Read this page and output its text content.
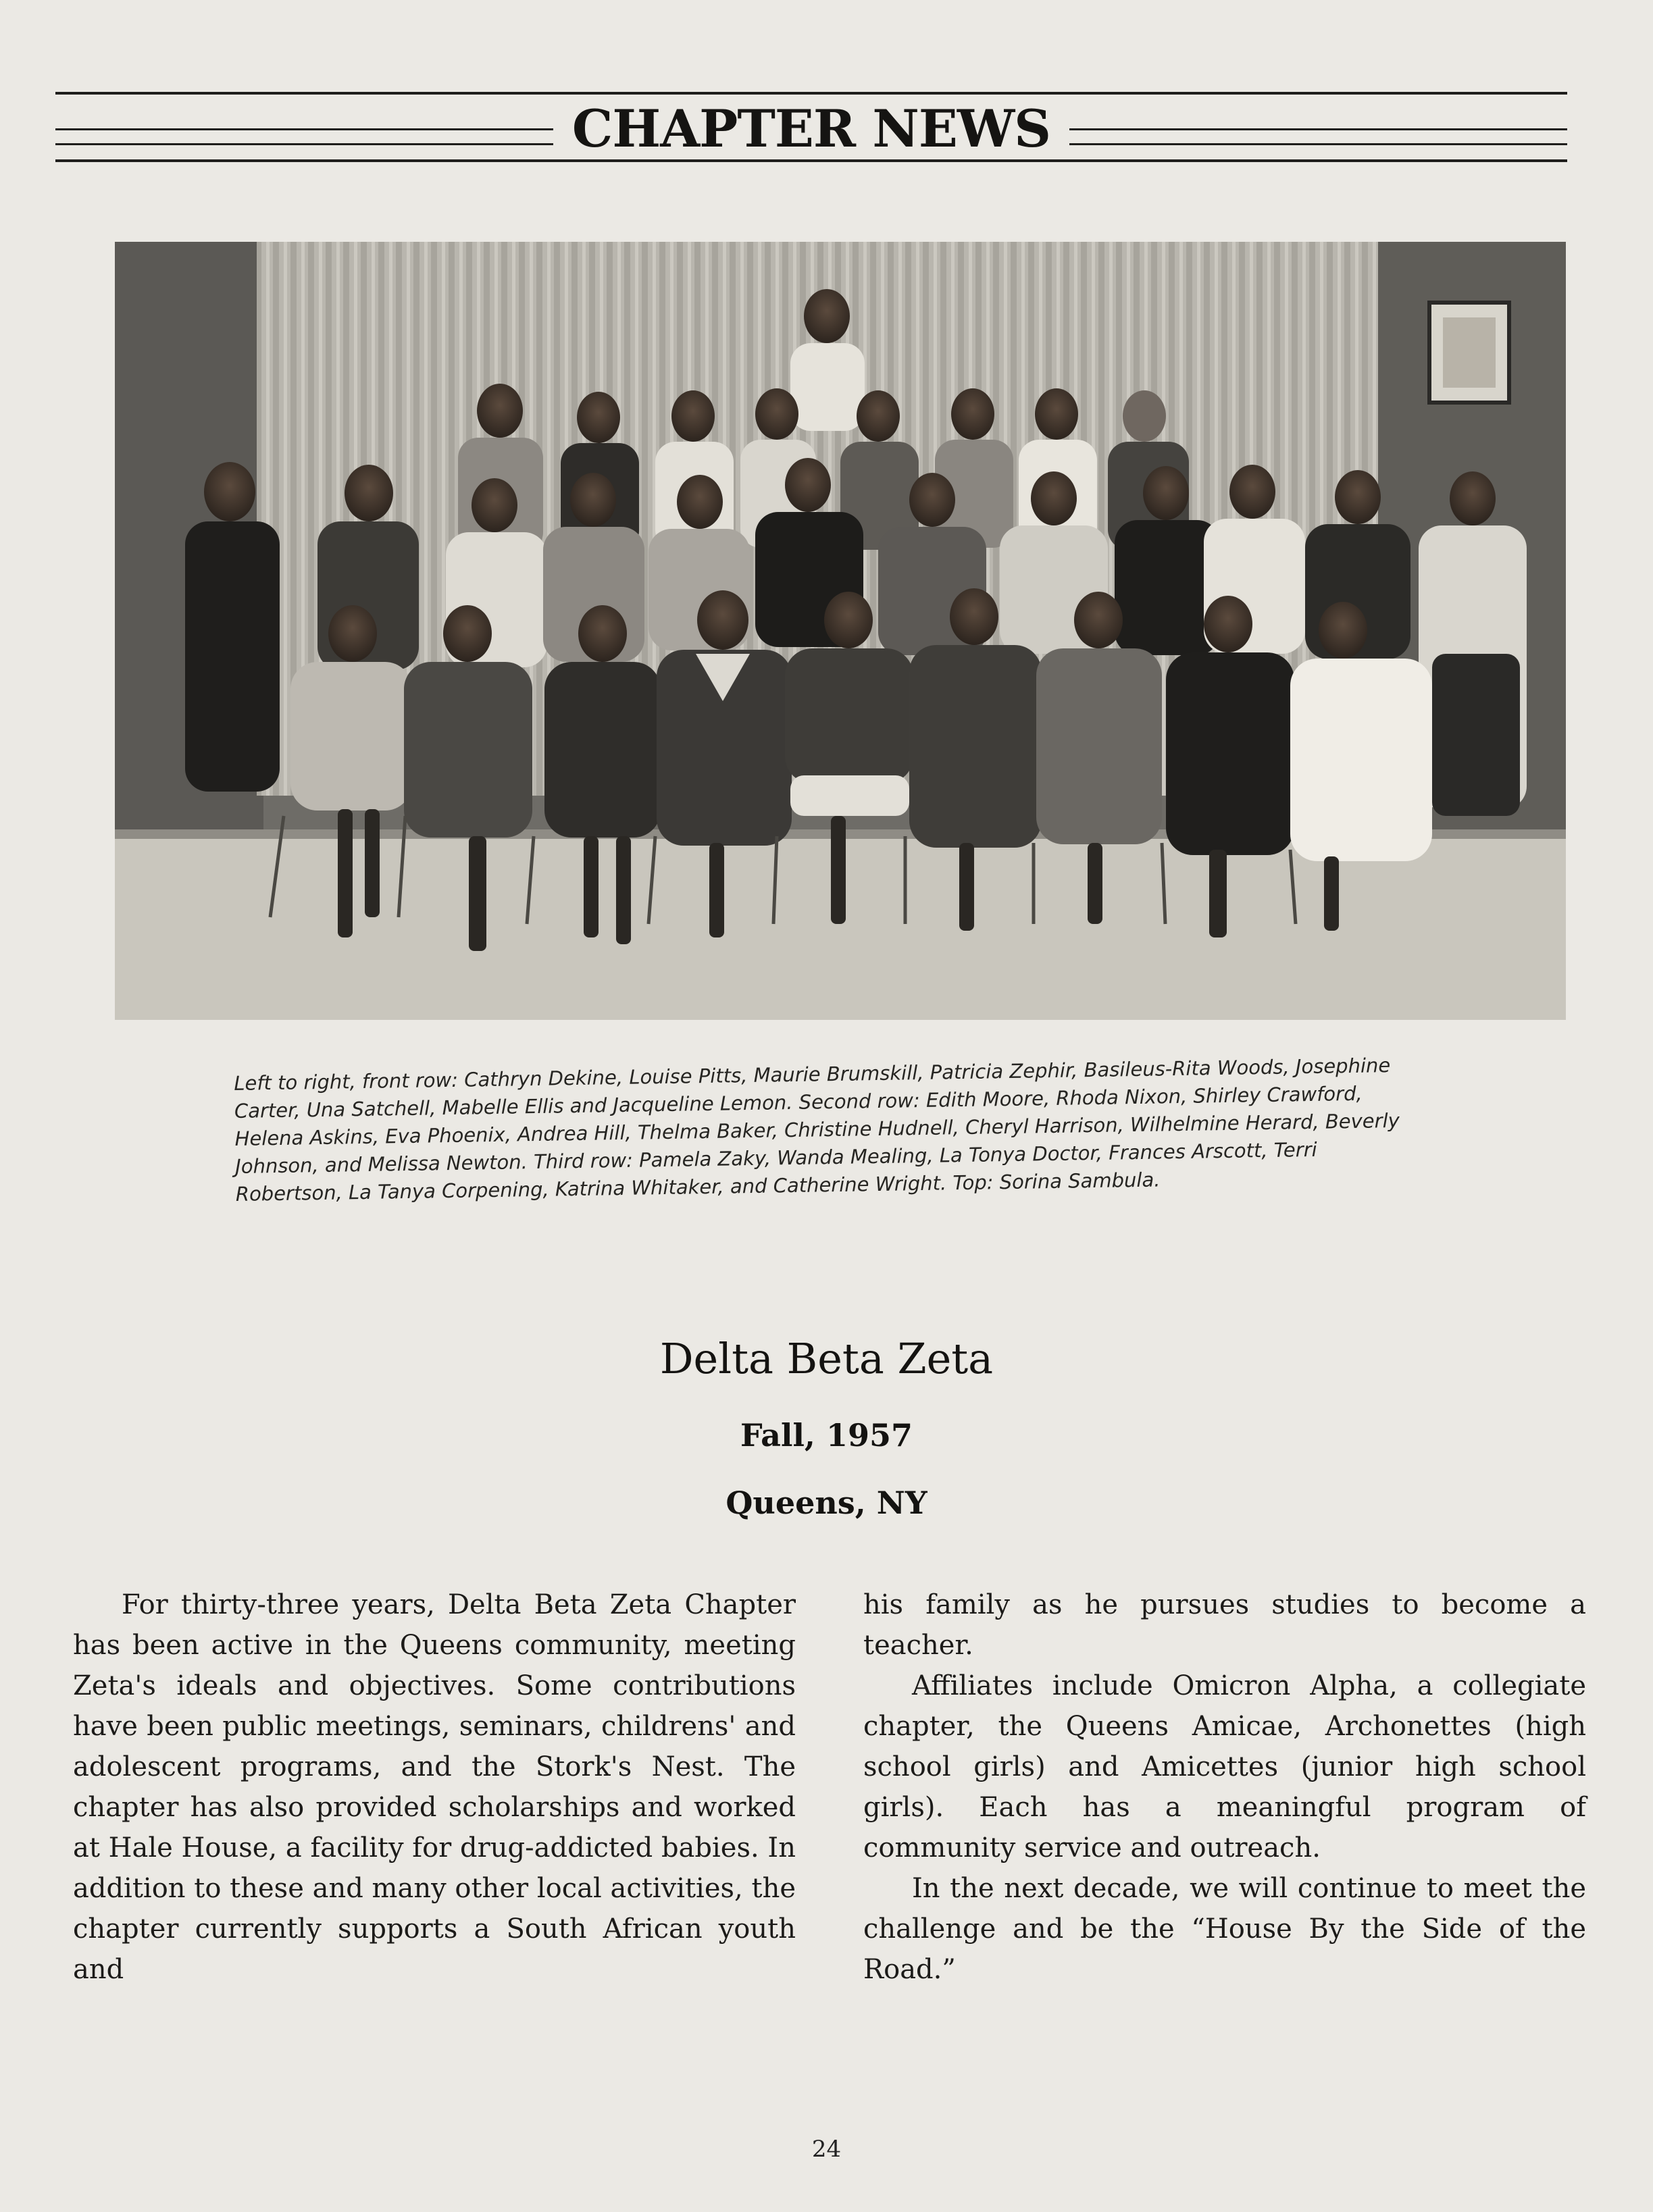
CHAPTER NEWS
Left to right, front row: Cathryn Dekine, Louise Pitts, Maurie Brumskill, Patricia Zephir, Basileus-Rita Woods, Josephine Carter, Una Satchell, Mabelle Ellis and Jacqueline Lemon. Second row: Edith Moore, Rhoda Nixon, Shirley Crawford, Helena Askins, Eva Phoenix, Andrea Hill, Thelma Baker, Christine Hudnell, Cheryl Harrison, Wilhelmine Herard, Beverly Johnson, and Melissa Newton. Third row: Pamela Zaky, Wanda Mealing, La Tonya Doctor, Frances Arscott, Terri Robertson, La Tanya Corpening, Katrina Whitaker, and Catherine Wright. Top: Sorina Sambula.
Delta Beta Zeta
Fall, 1957
Queens, NY

For thirty-three years, Delta Beta Zeta Chapter has been active in the Queens community, meeting Zeta's ideals and objectives. Some contributions have been public meetings, seminars, childrens' and adolescent programs, and the Stork's Nest. The chapter has also provided scholarships and worked at Hale House, a facility for drug-addicted babies. In addition to these and many other local activities, the chapter currently supports a South African youth and

his family as he pursues studies to become a teacher.

Affiliates include Omicron Alpha, a collegiate chapter, the Queens Amicae, Archonettes (high school girls) and Amicettes (junior high school girls). Each has a meaningful program of community service and outreach.

In the next decade, we will continue to meet the challenge and be the “House By the Side of the Road.”

24
